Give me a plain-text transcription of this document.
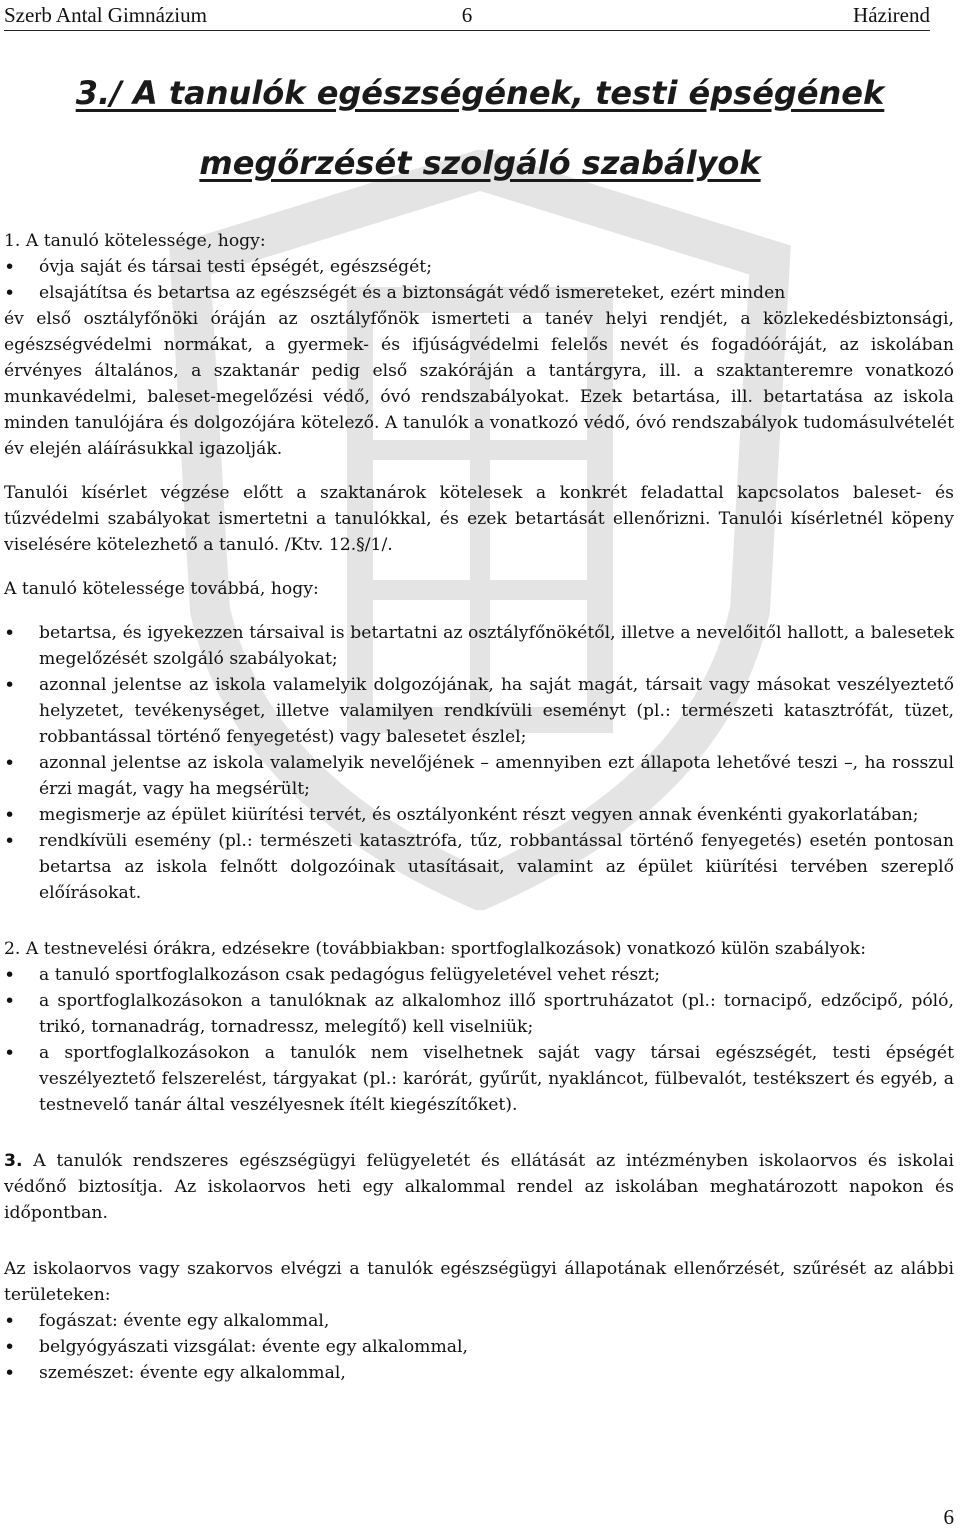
Szerb Antal Gimnázium	6	Házirend
3./ A tanulók egészségének, testi épségének
megőrzését szolgáló szabályok

1. A tanuló kötelessége, hogy:

• óvja saját és társai testi épségét, egészségét;

• elsajátítsa és betartsa az egészségét és a biztonságát védő ismereteket, ezért minden

év első osztályfőnöki óráján az osztályfőnök ismerteti a tanév helyi rendjét, a közlekedésbiztonsági, egészségvédelmi normákat, a gyermek- és ifjúságvédelmi felelős nevét és fogadóóráját, az iskolában érvényes általános, a szaktanár pedig első szakóráján a tantárgyra, ill. a szaktanteremre vonatkozó munkavédelmi, baleset-megelőzési védő, óvó rendszabályokat. Ezek betartása, ill. betartatása az iskola minden tanulójára és dolgozójára kötelező. A tanulók a vonatkozó védő, óvó rendszabályok tudomásulvételét év elején aláírásukkal igazolják.

Tanulói kísérlet végzése előtt a szaktanárok kötelesek a konkrét feladattal kapcsolatos baleset- és tűzvédelmi szabályokat ismertetni a tanulókkal, és ezek betartását ellenőrizni. Tanulói kísérletnél köpeny viselésére kötelezhető a tanuló. /Ktv. 12.§/1/.

A tanuló kötelessége továbbá, hogy:

• betartsa, és igyekezzen társaival is betartatni az osztályfőnökétől, illetve a nevelőitől hallott, a balesetek megelőzését szolgáló szabályokat;

• azonnal jelentse az iskola valamelyik dolgozójának, ha saját magát, társait vagy másokat veszélyeztető helyzetet, tevékenységet, illetve valamilyen rendkívüli eseményt (pl.: természeti katasztrófát, tüzet, robbantással történő fenyegetést) vagy balesetet észlel;

• azonnal jelentse az iskola valamelyik nevelőjének – amennyiben ezt állapota lehetővé teszi –, ha rosszul érzi magát, vagy ha megsérült;

• megismerje az épület kiürítési tervét, és osztályonként részt vegyen annak évenkénti gyakorlatában;

• rendkívüli esemény (pl.: természeti katasztrófa, tűz, robbantással történő fenyegetés) esetén pontosan betartsa az iskola felnőtt dolgozóinak utasításait, valamint az épület kiürítési tervében szereplő előírásokat.

2. A testnevelési órákra, edzésekre (továbbiakban: sportfoglalkozások) vonatkozó külön szabályok:

• a tanuló sportfoglalkozáson csak pedagógus felügyeletével vehet részt;

• a sportfoglalkozásokon a tanulóknak az alkalomhoz illő sportruházatot (pl.: tornacipő, edzőcipő, póló, trikó, tornanadrág, tornadressz, melegítő) kell viselniük;

• a sportfoglalkozásokon a tanulók nem viselhetnek saját vagy társai egészségét, testi épségét veszélyeztető felszerelést, tárgyakat (pl.: karórát, gyűrűt, nyakláncot, fülbevalót, testékszert és egyéb, a testnevelő tanár által veszélyesnek ítélt kiegészítőket).

3. A tanulók rendszeres egészségügyi felügyeletét és ellátását az intézményben iskolaorvos és iskolai védőnő biztosítja. Az iskolaorvos heti egy alkalommal rendel az iskolában meghatározott napokon és időpontban.

Az iskolaorvos vagy szakorvos elvégzi a tanulók egészségügyi állapotának ellenőrzését, szűrését az alábbi területeken:

• fogászat: évente egy alkalommal,

• belgyógyászati vizsgálat: évente egy alkalommal,

• szemészet: évente egy alkalommal,

6
